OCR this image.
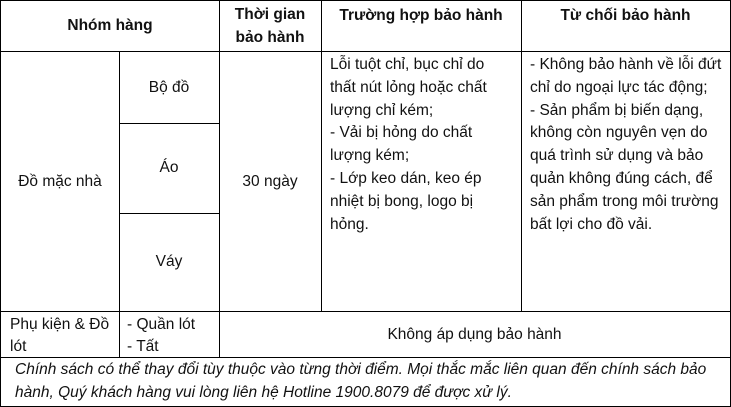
Nhóm hàng
Thời gian bảo hành
Trường hợp bảo hành	Từ chối bảo hành
Đồ mặc nhà
Bộ đồ
Áo
Váy
30 ngày
Lỗi tuột chỉ, bục chỉ do thất nút lỏng hoặc chất lượng chỉ kém;
- Vải bị hỏng do chất lượng kém;
- Lớp keo dán, keo ép nhiệt bị bong, logo bị hỏng.
- Không bảo hành về lỗi đứt chỉ do ngoại lực tác động;
- Sản phẩm bị biến dạng, không còn nguyên vẹn do quá trình sử dụng và bảo quản không đúng cách, để sản phẩm trong môi trường bất lợi cho đồ vải.
Phụ kiện & Đồ lót
- Quần lót
- Tất
Không áp dụng bảo hành
Chính sách có thể thay đổi tùy thuộc vào từng thời điểm. Mọi thắc mắc liên quan đến chính sách bảo hành, Quý khách hàng vui lòng liên hệ Hotline 1900.8079 để được xử lý.
